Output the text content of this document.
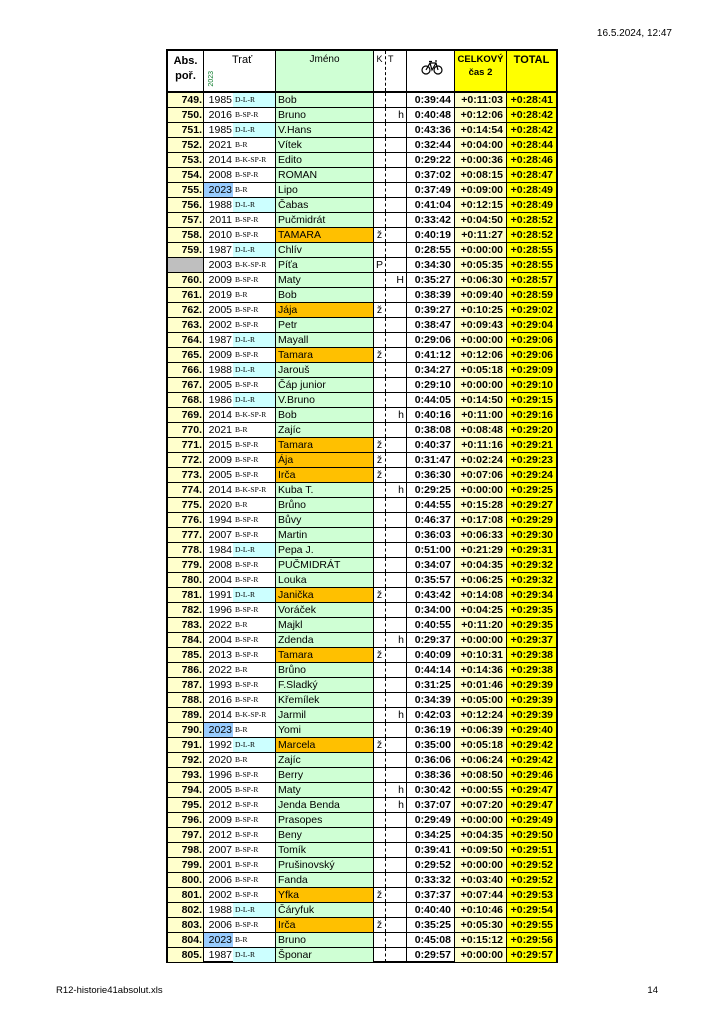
16.5.2024, 12:47
Abs.
poř.
Trať
2023
Jméno	K T	CELKOVÝ
čas 2
TOTAL
749. 1985 D-L-R	Bob	0:39:44 +0:11:03 +0:28:41
750. 2016 B-SP-R	Bruno	h	0:40:48 +0:12:06 +0:28:42
751. 1985 D-L-R	V.Hans	0:43:36 +0:14:54 +0:28:42
752. 2021 B-R	Vítek	0:32:44 +0:04:00 +0:28:44
753. 2014 B-K-SP-R	Edito	0:29:22 +0:00:36 +0:28:46
754. 2008 B-SP-R	ROMAN	0:37:02 +0:08:15 +0:28:47
755. 2023 B-R	Lipo	0:37:49 +0:09:00 +0:28:49
756. 1988 D-L-R	Čabas	0:41:04 +0:12:15 +0:28:49
757. 2011 B-SP-R	Pučmidrát	0:33:42 +0:04:50 +0:28:52
758. 2010 B-SP-R	TAMARA	ž	0:40:19 +0:11:27 +0:28:52
759. 1987 D-L-R	Chlív	0:28:55 +0:00:00 +0:28:55
2003 B-K-SP-R	Píťa	P	0:34:30 +0:05:35 +0:28:55
760. 2009 B-SP-R	Maty	H	0:35:27 +0:06:30 +0:28:57
761. 2019 B-R	Bob	0:38:39 +0:09:40 +0:28:59
762. 2005 B-SP-R	Jája	ž	0:39:27 +0:10:25 +0:29:02
763. 2002 B-SP-R	Petr	0:38:47 +0:09:43 +0:29:04
764. 1987 D-L-R	Mayall	0:29:06 +0:00:00 +0:29:06
765. 2009 B-SP-R	Tamara	ž	0:41:12 +0:12:06 +0:29:06
766. 1988 D-L-R	Jarouš	0:34:27 +0:05:18 +0:29:09
767. 2005 B-SP-R	Čáp junior	0:29:10 +0:00:00 +0:29:10
768. 1986 D-L-R	V.Bruno	0:44:05 +0:14:50 +0:29:15
769. 2014 B-K-SP-R	Bob	h	0:40:16 +0:11:00 +0:29:16
770. 2021 B-R	Zajíc	0:38:08 +0:08:48 +0:29:20
771. 2015 B-SP-R	Tamara	ž	0:40:37 +0:11:16 +0:29:21
772. 2009 B-SP-R	Ája	ž	0:31:47 +0:02:24 +0:29:23
773. 2005 B-SP-R	Irča	ž	0:36:30 +0:07:06 +0:29:24
774. 2014 B-K-SP-R	Kuba T.	h	0:29:25 +0:00:00 +0:29:25
775. 2020 B-R	Brůno	0:44:55 +0:15:28 +0:29:27
776. 1994 B-SP-R	Bůvy	0:46:37 +0:17:08 +0:29:29
777. 2007 B-SP-R	Martin	0:36:03 +0:06:33 +0:29:30
778. 1984 D-L-R	Pepa J.	0:51:00 +0:21:29 +0:29:31
779. 2008 B-SP-R	PUČMIDRÁT	0:34:07 +0:04:35 +0:29:32
780. 2004 B-SP-R	Louka	0:35:57 +0:06:25 +0:29:32
781. 1991 D-L-R	Janička	ž	0:43:42 +0:14:08 +0:29:34
782. 1996 B-SP-R	Voráček	0:34:00 +0:04:25 +0:29:35
783. 2022 B-R	Majkl	0:40:55 +0:11:20 +0:29:35
784. 2004 B-SP-R	Zdenda	h	0:29:37 +0:00:00 +0:29:37
785. 2013 B-SP-R	Tamara	ž	0:40:09 +0:10:31 +0:29:38
786. 2022 B-R	Brůno	0:44:14 +0:14:36 +0:29:38
787. 1993 B-SP-R	F.Sladký	0:31:25 +0:01:46 +0:29:39
788. 2016 B-SP-R	Křemílek	0:34:39 +0:05:00 +0:29:39
789. 2014 B-K-SP-R	Jarmil	h	0:42:03 +0:12:24 +0:29:39
790. 2023 B-R	Yomi	0:36:19 +0:06:39 +0:29:40
791. 1992 D-L-R	Marcela	ž	0:35:00 +0:05:18 +0:29:42
792. 2020 B-R	Zajíc	0:36:06 +0:06:24 +0:29:42
793. 1996 B-SP-R	Berry	0:38:36 +0:08:50 +0:29:46
794. 2005 B-SP-R	Maty	h	0:30:42 +0:00:55 +0:29:47
795. 2012 B-SP-R	Jenda Benda	h	0:37:07 +0:07:20 +0:29:47
796. 2009 B-SP-R	Prasopes	0:29:49 +0:00:00 +0:29:49
797. 2012 B-SP-R	Beny	0:34:25 +0:04:35 +0:29:50
798. 2007 B-SP-R	Tomík	0:39:41 +0:09:50 +0:29:51
799. 2001 B-SP-R	Prušinovský	0:29:52 +0:00:00 +0:29:52
800. 2006 B-SP-R	Fanda	0:33:32 +0:03:40 +0:29:52
801. 2002 B-SP-R	Yfka	ž	0:37:37 +0:07:44 +0:29:53
802. 1988 D-L-R	Čáryfuk	0:40:40 +0:10:46 +0:29:54
803. 2006 B-SP-R	Irča	ž	0:35:25 +0:05:30 +0:29:55
804. 2023 B-R	Bruno	0:45:08 +0:15:12 +0:29:56
805. 1987 D-L-R	Šponar	0:29:57 +0:00:00 +0:29:57
R12-historie41absolut.xls	14
